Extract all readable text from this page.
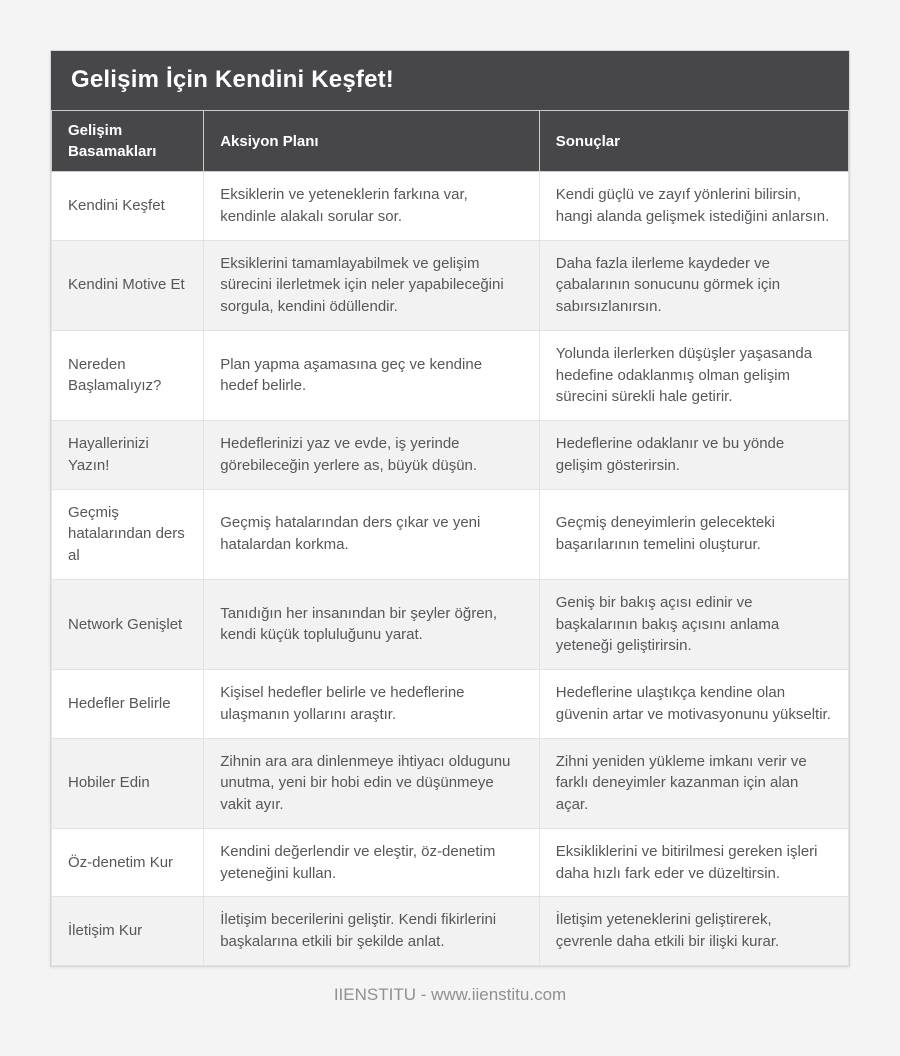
Gelişim İçin Kendini Keşfet!
Gelişim Basamakları	Aksiyon Planı	Sonuçlar
Kendini Keşfet	Eksiklerin ve yeteneklerin farkına var, kendinle alakalı sorular sor.	Kendi güçlü ve zayıf yönlerini bilirsin, hangi alanda gelişmek istediğini anlarsın.
Kendini Motive Et	Eksiklerini tamamlayabilmek ve gelişim sürecini ilerletmek için neler yapabileceğini sorgula, kendini ödüllendir.	Daha fazla ilerleme kaydeder ve çabalarının sonucunu görmek için sabırsızlanırsın.
Nereden Başlamalıyız?	Plan yapma aşamasına geç ve kendine hedef belirle.	Yolunda ilerlerken düşüşler yaşasanda hedefine odaklanmış olman gelişim sürecini sürekli hale getirir.
Hayallerinizi Yazın!	Hedeflerinizi yaz ve evde, iş yerinde görebileceğin yerlere as, büyük düşün.	Hedeflerine odaklanır ve bu yönde gelişim gösterirsin.
Geçmiş hatalarından ders al	Geçmiş hatalarından ders çıkar ve yeni hatalardan korkma.	Geçmiş deneyimlerin gelecekteki başarılarının temelini oluşturur.
Network Genişlet	Tanıdığın her insanından bir şeyler öğren, kendi küçük topluluğunu yarat.	Geniş bir bakış açısı edinir ve başkalarının bakış açısını anlama yeteneği geliştirirsin.
Hedefler Belirle	Kişisel hedefler belirle ve hedeflerine ulaşmanın yollarını araştır.	Hedeflerine ulaştıkça kendine olan güvenin artar ve motivasyonunu yükseltir.
Hobiler Edin	Zihnin ara ara dinlenmeye ihtiyacı oldugunu unutma, yeni bir hobi edin ve düşünmeye vakit ayır.	Zihni yeniden yükleme imkanı verir ve farklı deneyimler kazanman için alan açar.
Öz-denetim Kur	Kendini değerlendir ve eleştir, öz-denetim yeteneğini kullan.	Eksikliklerini ve bitirilmesi gereken işleri daha hızlı fark eder ve düzeltirsin.
İletişim Kur	İletişim becerilerini geliştir. Kendi fikirlerini başkalarına etkili bir şekilde anlat.	İletişim yeteneklerini geliştirerek, çevrenle daha etkili bir ilişki kurar.
IIENSTITU - www.iienstitu.com
